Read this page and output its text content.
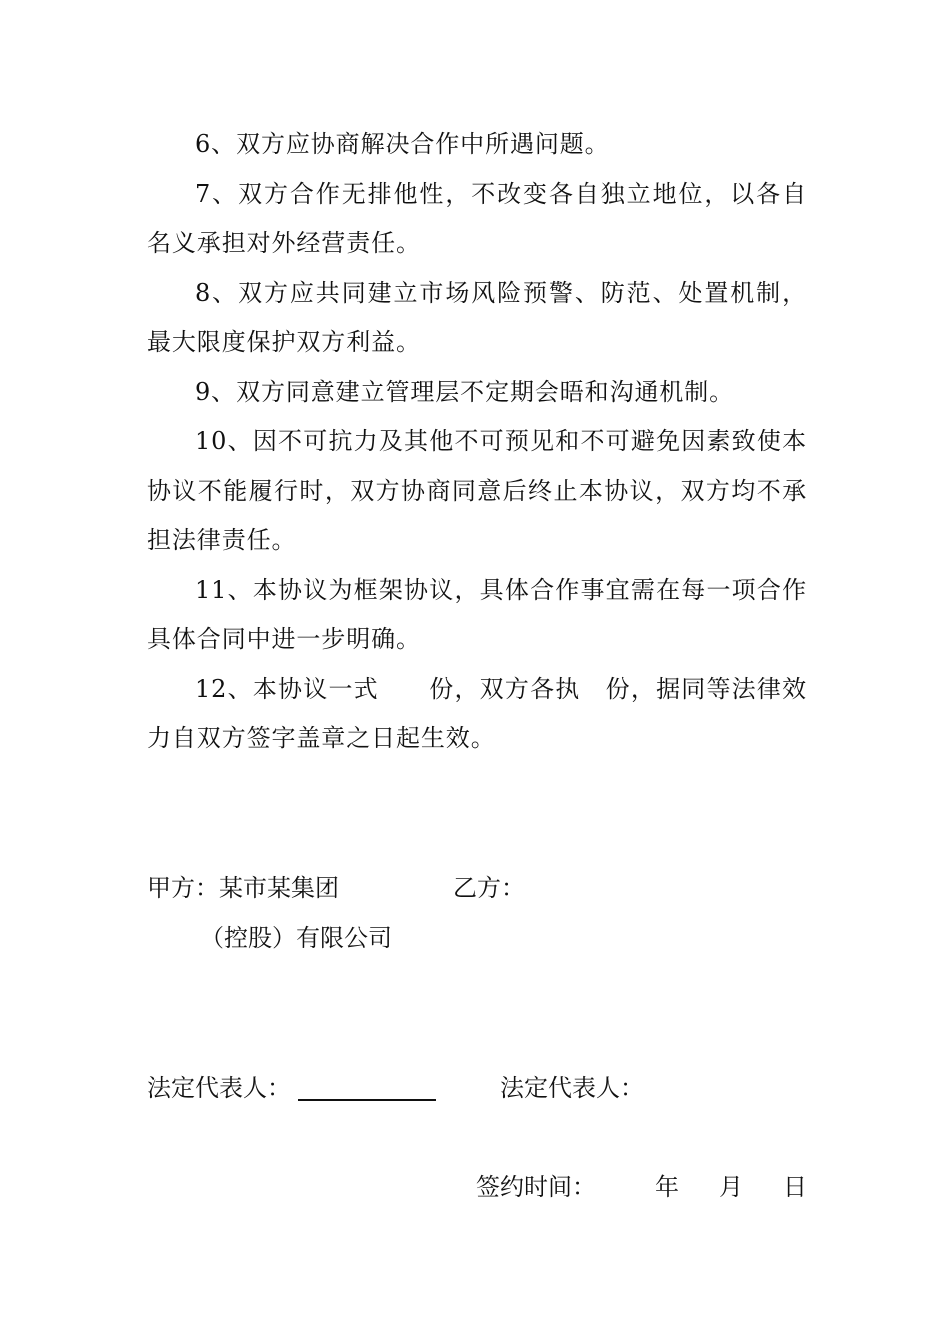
6、双方应协商解决合作中所遇问题。

7、双方合作无排他性，不改变各自独立地位，以各自名义承担对外经营责任。

8、双方应共同建立市场风险预警、防范、处置机制，最大限度保护双方利益。

9、双方同意建立管理层不定期会晤和沟通机制。

10、因不可抗力及其他不可预见和不可避免因素致使本协议不能履行时，双方协商同意后终止本协议，双方均不承担法律责任。

11、本协议为框架协议，具体合作事宜需在每一项合作具体合同中进一步明确。

12、本协议一式　　份，双方各执　份，据同等法律效力自双方签字盖章之日起生效。

甲方：某市某集团	乙方：
（控股）有限公司
法定代表人：	法定代表人：
签约时间： 年 月 日
